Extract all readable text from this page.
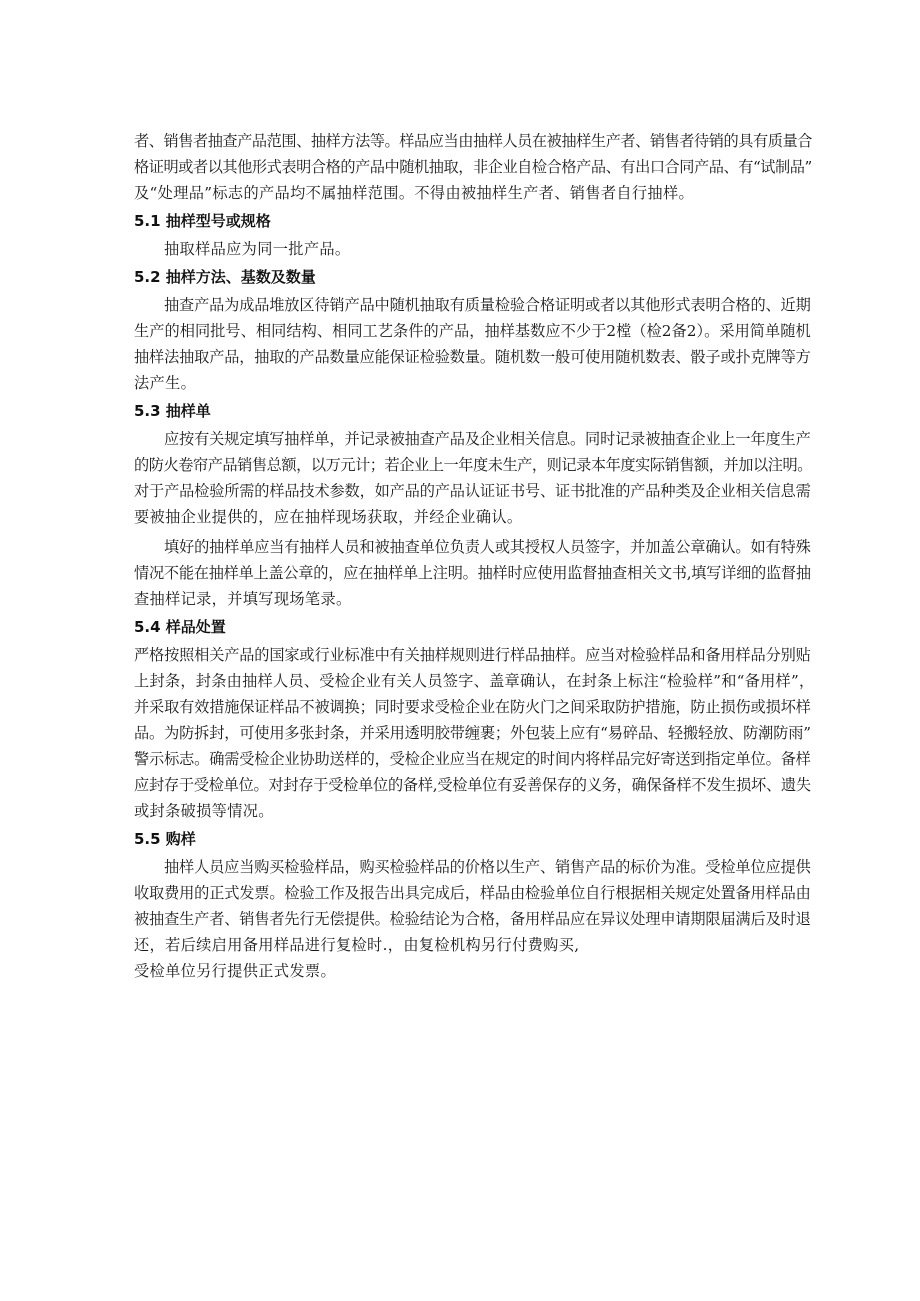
者、销售者抽查产品范围、抽样方法等。样品应当由抽样人员在被抽样生产者、销售者待销的具有质量合
格证明或者以其他形式表明合格的产品中随机抽取，非企业自检合格产品、有出口合同产品、有“试制品”
及“处理品”标志的产品均不属抽样范围。不得由被抽样生产者、销售者自行抽样。

5.1 抽样型号或规格

抽取样品应为同一批产品。

5.2 抽样方法、基数及数量

抽查产品为成品堆放区待销产品中随机抽取有质量检验合格证明或者以其他形式表明合格的、近期
生产的相同批号、相同结构、相同工艺条件的产品，抽样基数应不少于2樘（检2备2）。采用简单随机
抽样法抽取产品，抽取的产品数量应能保证检验数量。随机数一般可使用随机数表、骰子或扑克牌等方
法产生。

5.3 抽样单

应按有关规定填写抽样单，并记录被抽查产品及企业相关信息。同时记录被抽查企业上一年度生产
的防火卷帘产品销售总额，以万元计；若企业上一年度未生产，则记录本年度实际销售额，并加以注明。
对于产品检验所需的样品技术参数，如产品的产品认证证书号、证书批准的产品种类及企业相关信息需
要被抽企业提供的，应在抽样现场获取，并经企业确认。

填好的抽样单应当有抽样人员和被抽查单位负责人或其授权人员签字，并加盖公章确认。如有特殊
情况不能在抽样单上盖公章的，应在抽样单上注明。抽样时应使用监督抽查相关文书,填写详细的监督抽
查抽样记录，并填写现场笔录。

5.4 样品处置

严格按照相关产品的国家或行业标准中有关抽样规则进行样品抽样。应当对检验样品和备用样品分别贴
上封条，封条由抽样人员、受检企业有关人员签字、盖章确认，在封条上标注“检验样”和“备用样”，
并采取有效措施保证样品不被调换；同时要求受检企业在防火门之间采取防护措施，防止损伤或损坏样
品。为防拆封，可使用多张封条，并采用透明胶带缠裹；外包装上应有“易碎品、轻搬轻放、防潮防雨”
警示标志。确需受检企业协助送样的，受检企业应当在规定的时间内将样品完好寄送到指定单位。备样
应封存于受检单位。对封存于受检单位的备样,受检单位有妥善保存的义务，确保备样不发生损坏、遗失
或封条破损等情况。

5.5 购样

抽样人员应当购买检验样品，购买检验样品的价格以生产、销售产品的标价为准。受检单位应提供
收取费用的正式发票。检验工作及报告出具完成后，样品由检验单位自行根据相关规定处置备用样品由
被抽查生产者、销售者先行无偿提供。检验结论为合格，备用样品应在异议处理申请期限届满后及时退
还，若后续启用备用样品进行复检时.，由复检机构另行付费购买,

受检单位另行提供正式发票。
